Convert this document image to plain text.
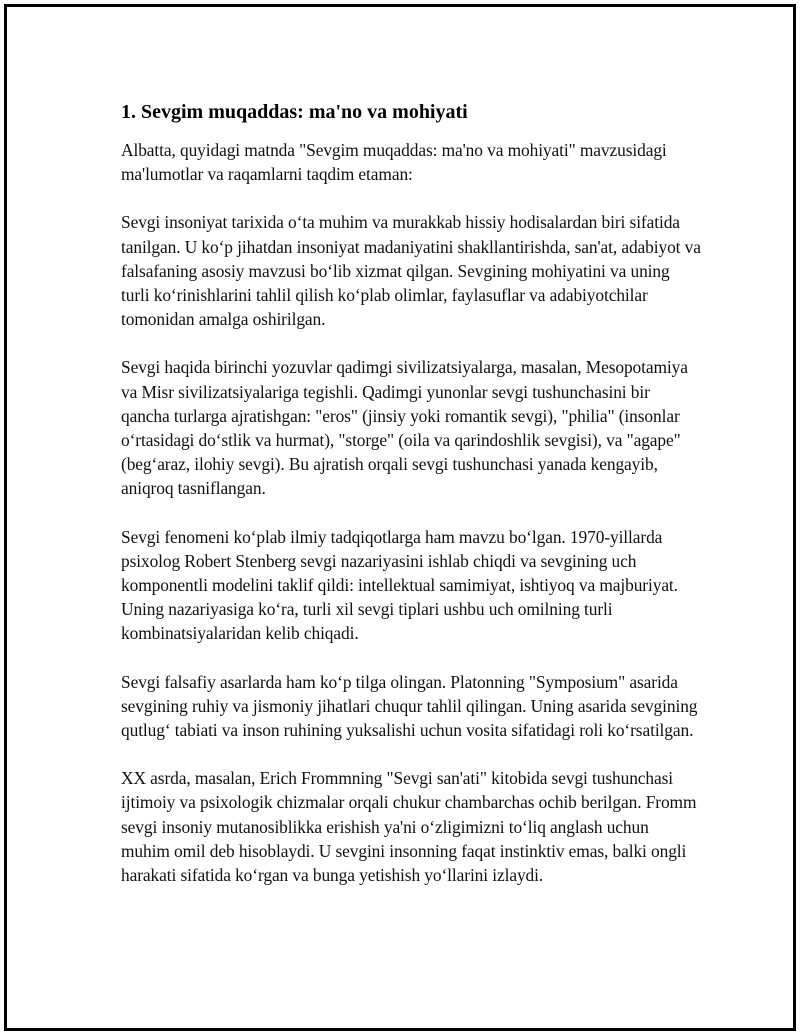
1. Sevgim muqaddas: ma'no va mohiyati

Albatta, quyidagi matnda "Sevgim muqaddas: ma'no va mohiyati" mavzusidagi ma'lumotlar va raqamlarni taqdim etaman:

Sevgi insoniyat tarixida oʻta muhim va murakkab hissiy hodisalardan biri sifatida tanilgan. U koʻp jihatdan insoniyat madaniyatini shakllantirishda, san'at, adabiyot va falsafaning asosiy mavzusi boʻlib xizmat qilgan. Sevgining mohiyatini va uning turli koʻrinishlarini tahlil qilish koʻplab olimlar, faylasuflar va adabiyotchilar tomonidan amalga oshirilgan.

Sevgi haqida birinchi yozuvlar qadimgi sivilizatsiyalarga, masalan, Mesopotamiya va Misr sivilizatsiyalariga tegishli. Qadimgi yunonlar sevgi tushunchasini bir qancha turlarga ajratishgan: "eros" (jinsiy yoki romantik sevgi), "philia" (insonlar oʻrtasidagi doʻstlik va hurmat), "storge" (oila va qarindoshlik sevgisi), va "agape" (begʻaraz, ilohiy sevgi). Bu ajratish orqali sevgi tushunchasi yanada kengayib, aniqroq tasniflangan.

Sevgi fenomeni koʻplab ilmiy tadqiqotlarga ham mavzu boʻlgan. 1970-yillarda psixolog Robert Stenberg sevgi nazariyasini ishlab chiqdi va sevgining uch komponentli modelini taklif qildi: intellektual samimiyat, ishtiyoq va majburiyat. Uning nazariyasiga koʻra, turli xil sevgi tiplari ushbu uch omilning turli kombinatsiyalaridan kelib chiqadi.

Sevgi falsafiy asarlarda ham koʻp tilga olingan. Platonning "Symposium" asarida sevgining ruhiy va jismoniy jihatlari chuqur tahlil qilingan. Uning asarida sevgining qutlugʻ tabiati va inson ruhining yuksalishi uchun vosita sifatidagi roli koʻrsatilgan.

XX asrda, masalan, Erich Frommning "Sevgi san'ati" kitobida sevgi tushunchasi ijtimoiy va psixologik chizmalar orqali chukur chambarchas ochib berilgan. Fromm sevgi insoniy mutanosiblikka erishish ya'ni oʻzligimizni toʻliq anglash uchun muhim omil deb hisoblaydi. U sevgini insonning faqat instinktiv emas, balki ongli harakati sifatida koʻrgan va bunga yetishish yoʻllarini izlaydi.
